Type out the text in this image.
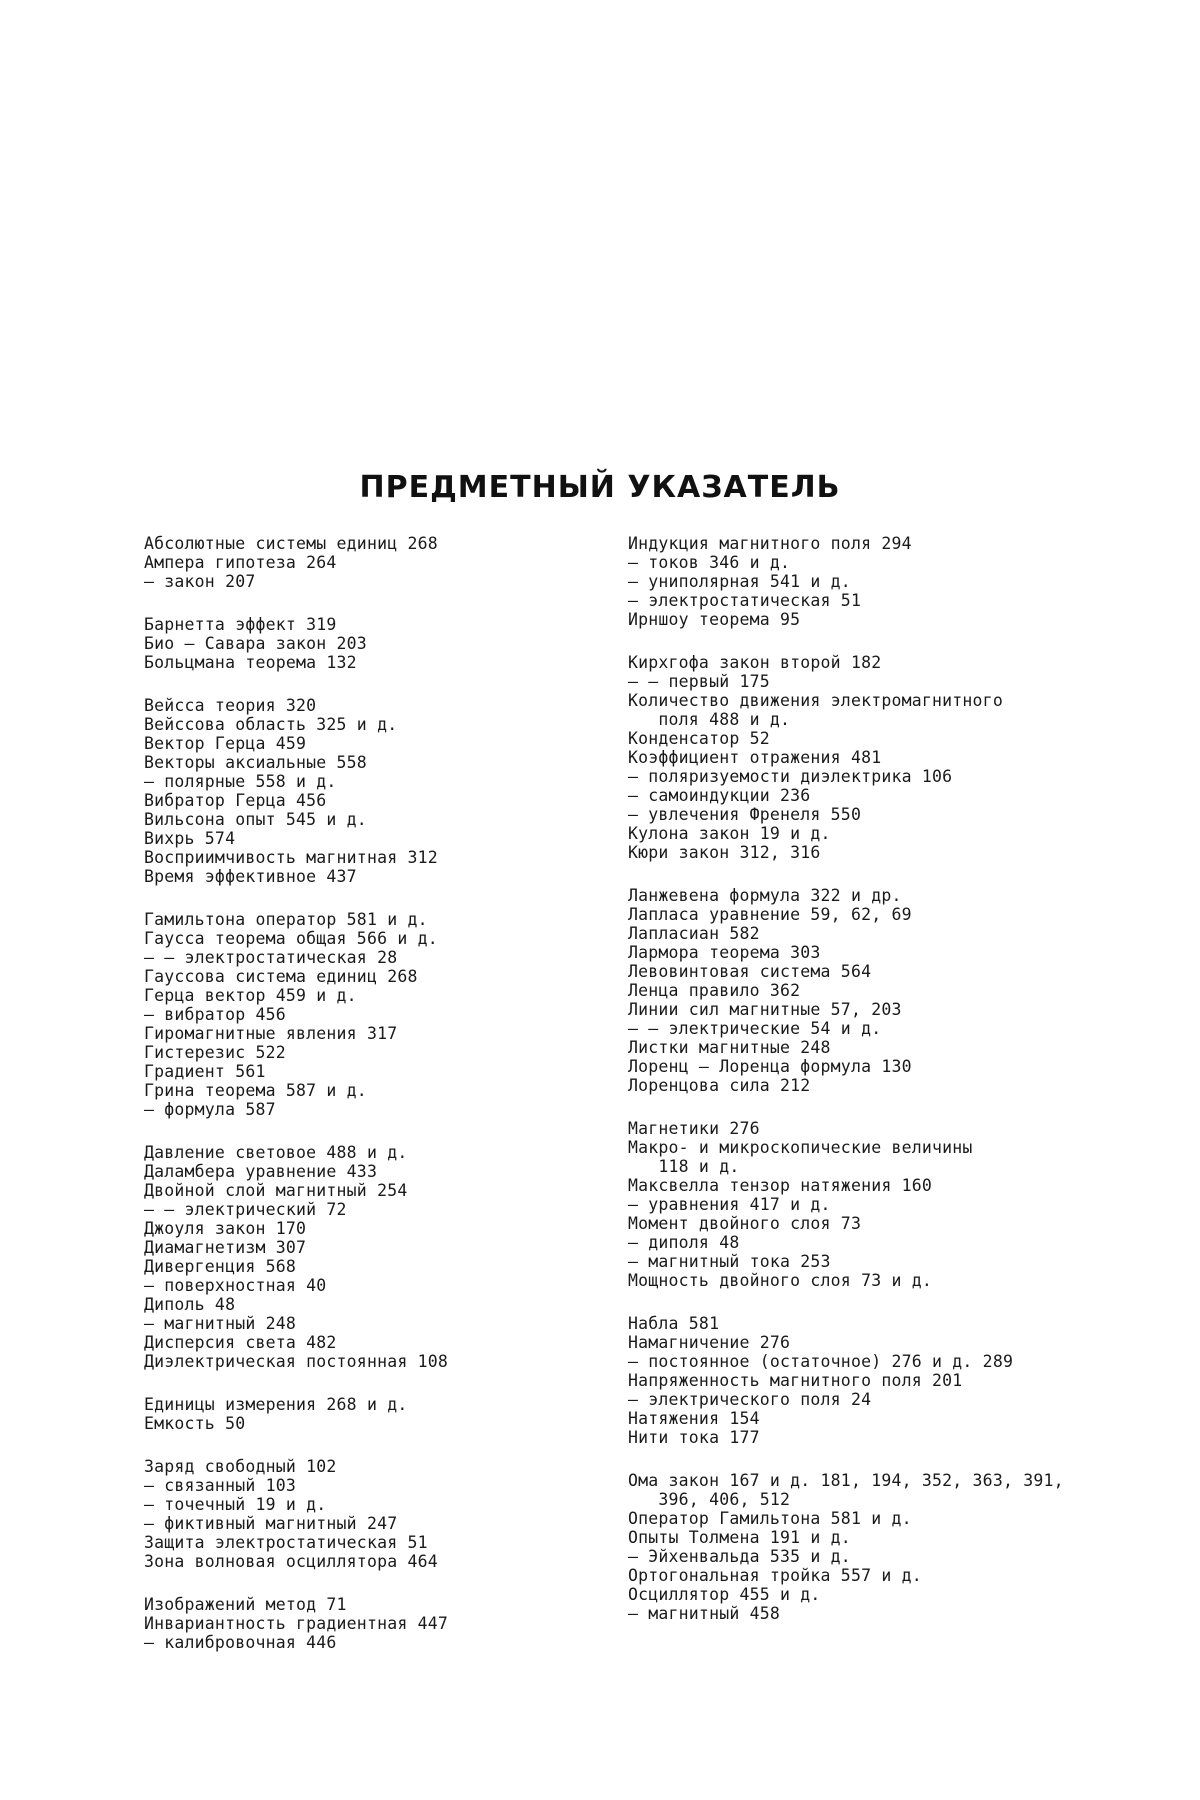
ПРЕДМЕТНЫЙ УКАЗАТЕЛЬ
Абсолютные системы единиц 268
Ампера гипотеза 264
— закон 207
Барнетта эффект 319
Био — Савара закон 203
Больцмана теорема 132
Вейсса теория 320
Вейссова область 325 и д.
Вектор Герца 459
Векторы аксиальные 558
— полярные 558 и д.
Вибратор Герца 456
Вильсона опыт 545 и д.
Вихрь 574
Восприимчивость магнитная 312
Время эффективное 437
Гамильтона оператор 581 и д.
Гаусса теорема общая 566 и д.
— — электростатическая 28
Гауссова система единиц 268
Герца вектор 459 и д.
— вибратор 456
Гиромагнитные явления 317
Гистерезис 522
Градиент 561
Грина теорема 587 и д.
— формула 587
Давление световое 488 и д.
Даламбера уравнение 433
Двойной слой магнитный 254
— — электрический 72
Джоуля закон 170
Диамагнетизм 307
Дивергенция 568
— поверхностная 40
Диполь 48
— магнитный 248
Дисперсия света 482
Диэлектрическая постоянная 108
Единицы измерения 268 и д.
Емкость 50
Заряд свободный 102
— связанный 103
— точечный 19 и д.
— фиктивный магнитный 247
Защита электростатическая 51
Зона волновая осциллятора 464
Изображений метод 71
Инвариантность градиентная 447
— калибровочная 446
Индукция магнитного поля 294
— токов 346 и д.
— униполярная 541 и д.
— электростатическая 51
Ирншоу теорема 95
Кирхгофа закон второй 182
— — первый 175
Количество движения электромагнитного
поля 488 и д.
Конденсатор 52
Коэффициент отражения 481
— поляризуемости диэлектрика 106
— самоиндукции 236
— увлечения Френеля 550
Кулона закон 19 и д.
Кюри закон 312, 316
Ланжевена формула 322 и др.
Лапласа уравнение 59, 62, 69
Лапласиан 582
Лармора теорема 303
Левовинтовая система 564
Ленца правило 362
Линии сил магнитные 57, 203
— — электрические 54 и д.
Листки магнитные 248
Лоренц — Лоренца формула 130
Лоренцова сила 212
Магнетики 276
Макро- и микроскопические величины
118 и д.
Максвелла тензор натяжения 160
— уравнения 417 и д.
Момент двойного слоя 73
— диполя 48
— магнитный тока 253
Мощность двойного слоя 73 и д.
Набла 581
Намагничение 276
— постоянное (остаточное) 276 и д. 289
Напряженность магнитного поля 201
— электрического поля 24
Натяжения 154
Нити тока 177
Ома закон 167 и д. 181, 194, 352, 363, 391,
396, 406, 512
Оператор Гамильтона 581 и д.
Опыты Толмена 191 и д.
— Эйхенвальда 535 и д.
Ортогональная тройка 557 и д.
Осциллятор 455 и д.
— магнитный 458
